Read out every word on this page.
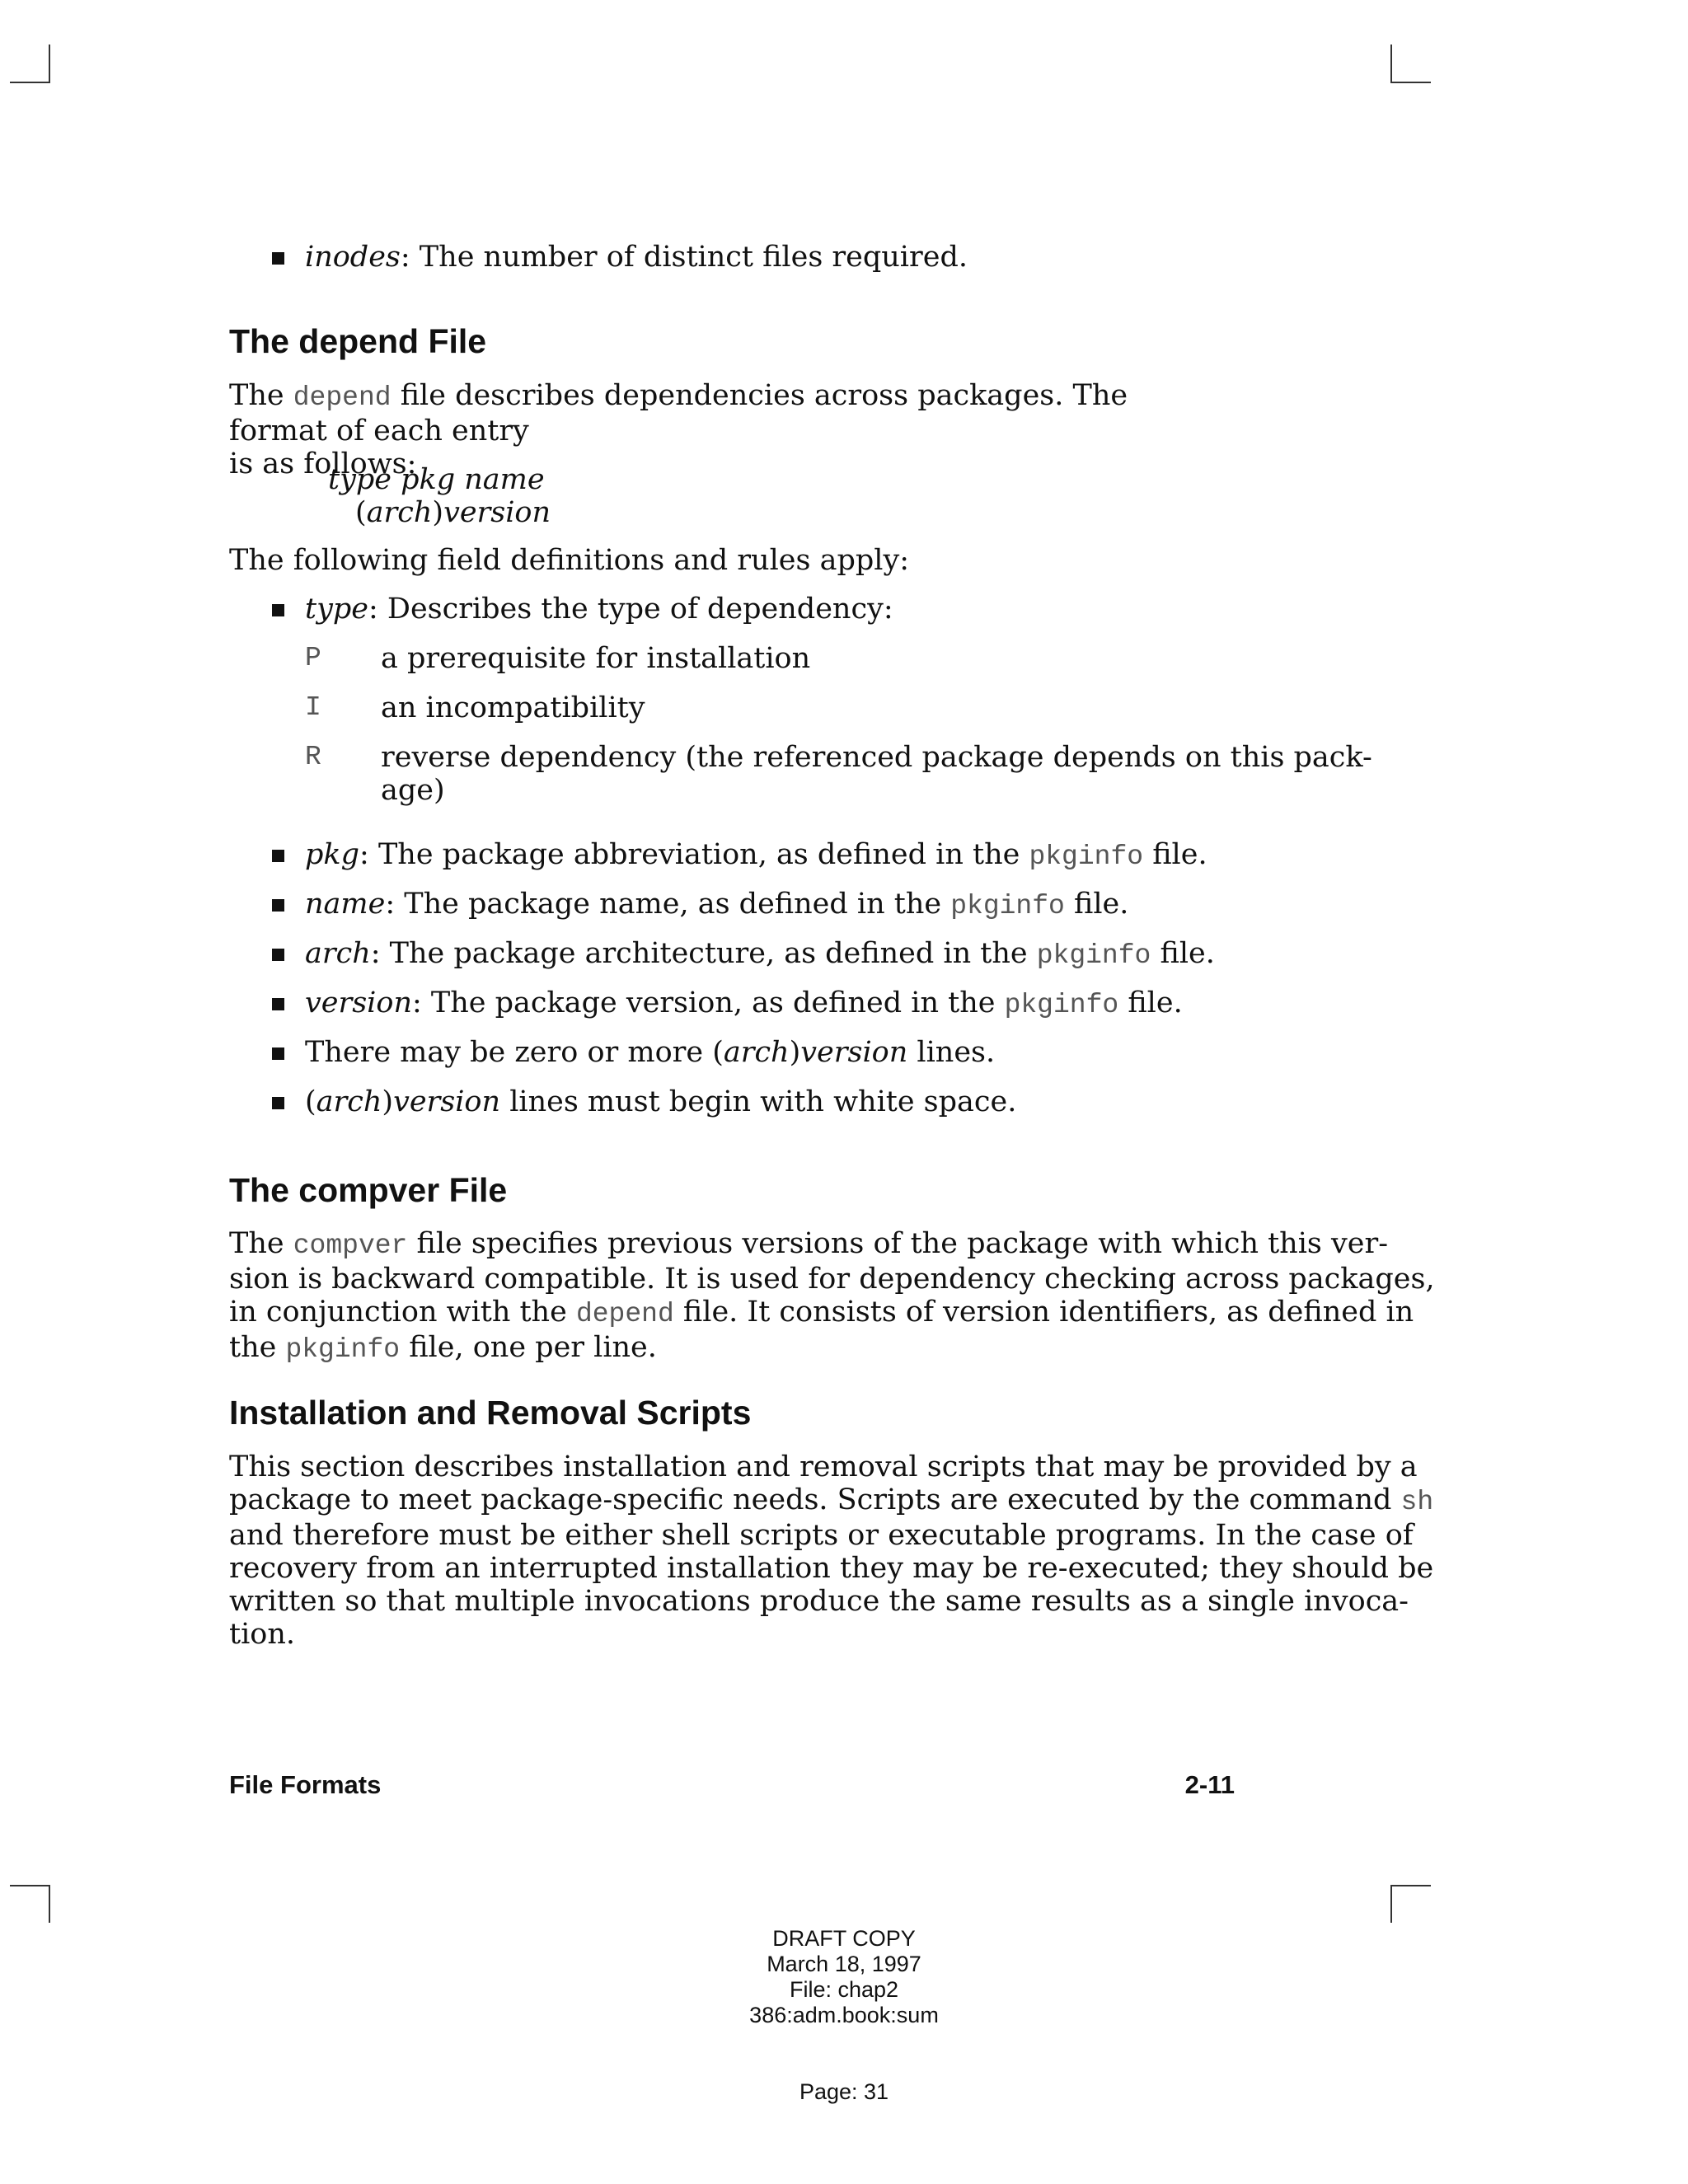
inodes: The number of distinct files required.
The depend File
The depend file describes dependencies across packages. The format of each entry
is as follows:
type pkg name
(arch)version
The following field definitions and rules apply:
type: Describes the type of dependency:
P a prerequisite for installation
I an incompatibility
R reverse dependency (the referenced package depends on this pack-
age)
pkg: The package abbreviation, as defined in the pkginfo file.
name: The package name, as defined in the pkginfo file.
arch: The package architecture, as defined in the pkginfo file.
version: The package version, as defined in the pkginfo file.
There may be zero or more (arch)version lines.
(arch)version lines must begin with white space.
The compver File
The compver file specifies previous versions of the package with which this ver-
sion is backward compatible. It is used for dependency checking across packages,
in conjunction with the depend file. It consists of version identifiers, as defined in
the pkginfo file, one per line.
Installation and Removal Scripts
This section describes installation and removal scripts that may be provided by a
package to meet package-specific needs. Scripts are executed by the command sh
and therefore must be either shell scripts or executable programs. In the case of
recovery from an interrupted installation they may be re-executed; they should be
written so that multiple invocations produce the same results as a single invoca-
tion.
File Formats	2-11
DRAFT COPY
March 18, 1997
File: chap2
386:adm.book:sum
Page: 31
